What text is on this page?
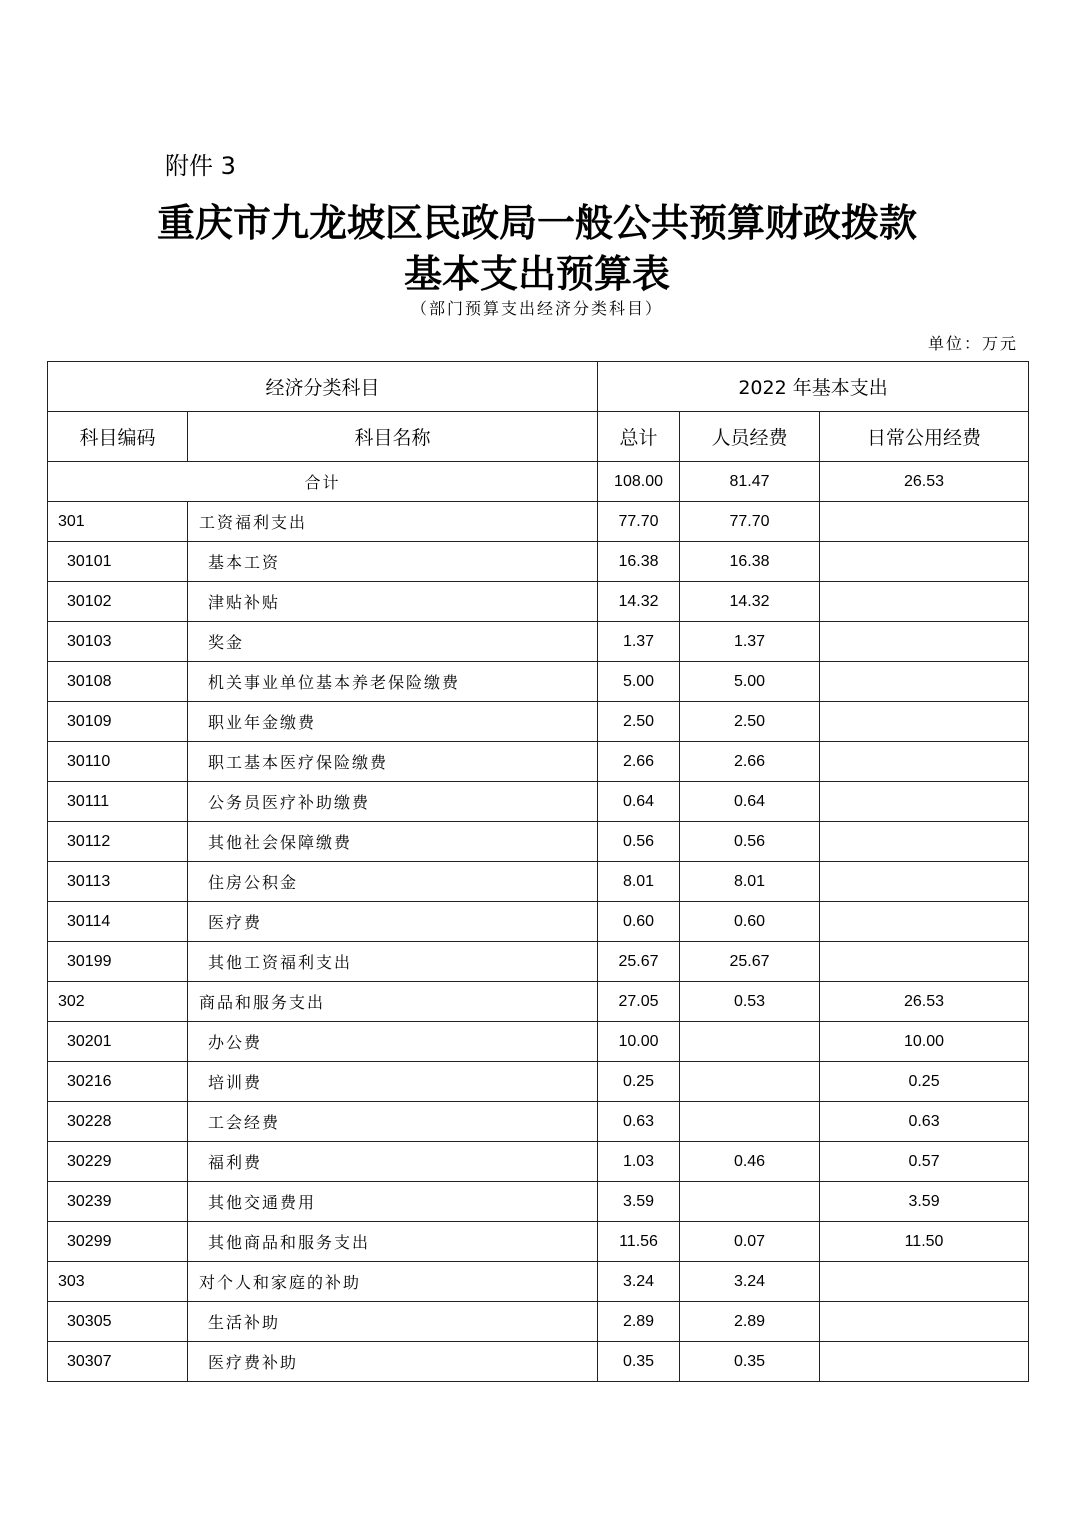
附件 3
重庆市九龙坡区民政局一般公共预算财政拨款
基本支出预算表
（部门预算支出经济分类科目）
单位：万元
经济分类科目		2022 年基本支出		
科目编码	科目名称	总计	人员经费	日常公用经费
合计		108.00	81.47	26.53
301	工资福利支出	77.70	77.70	
30101	基本工资	16.38	16.38	
30102	津贴补贴	14.32	14.32	
30103	奖金	1.37	1.37	
30108	机关事业单位基本养老保险缴费	5.00	5.00	
30109	职业年金缴费	2.50	2.50	
30110	职工基本医疗保险缴费	2.66	2.66	
30111	公务员医疗补助缴费	0.64	0.64	
30112	其他社会保障缴费	0.56	0.56	
30113	住房公积金	8.01	8.01	
30114	医疗费	0.60	0.60	
30199	其他工资福利支出	25.67	25.67	
302	商品和服务支出	27.05	0.53	26.53
30201	办公费	10.00		10.00
30216	培训费	0.25		0.25
30228	工会经费	0.63		0.63
30229	福利费	1.03	0.46	0.57
30239	其他交通费用	3.59		3.59
30299	其他商品和服务支出	11.56	0.07	11.50
303	对个人和家庭的补助	3.24	3.24	
30305	生活补助	2.89	2.89	
30307	医疗费补助	0.35	0.35	
